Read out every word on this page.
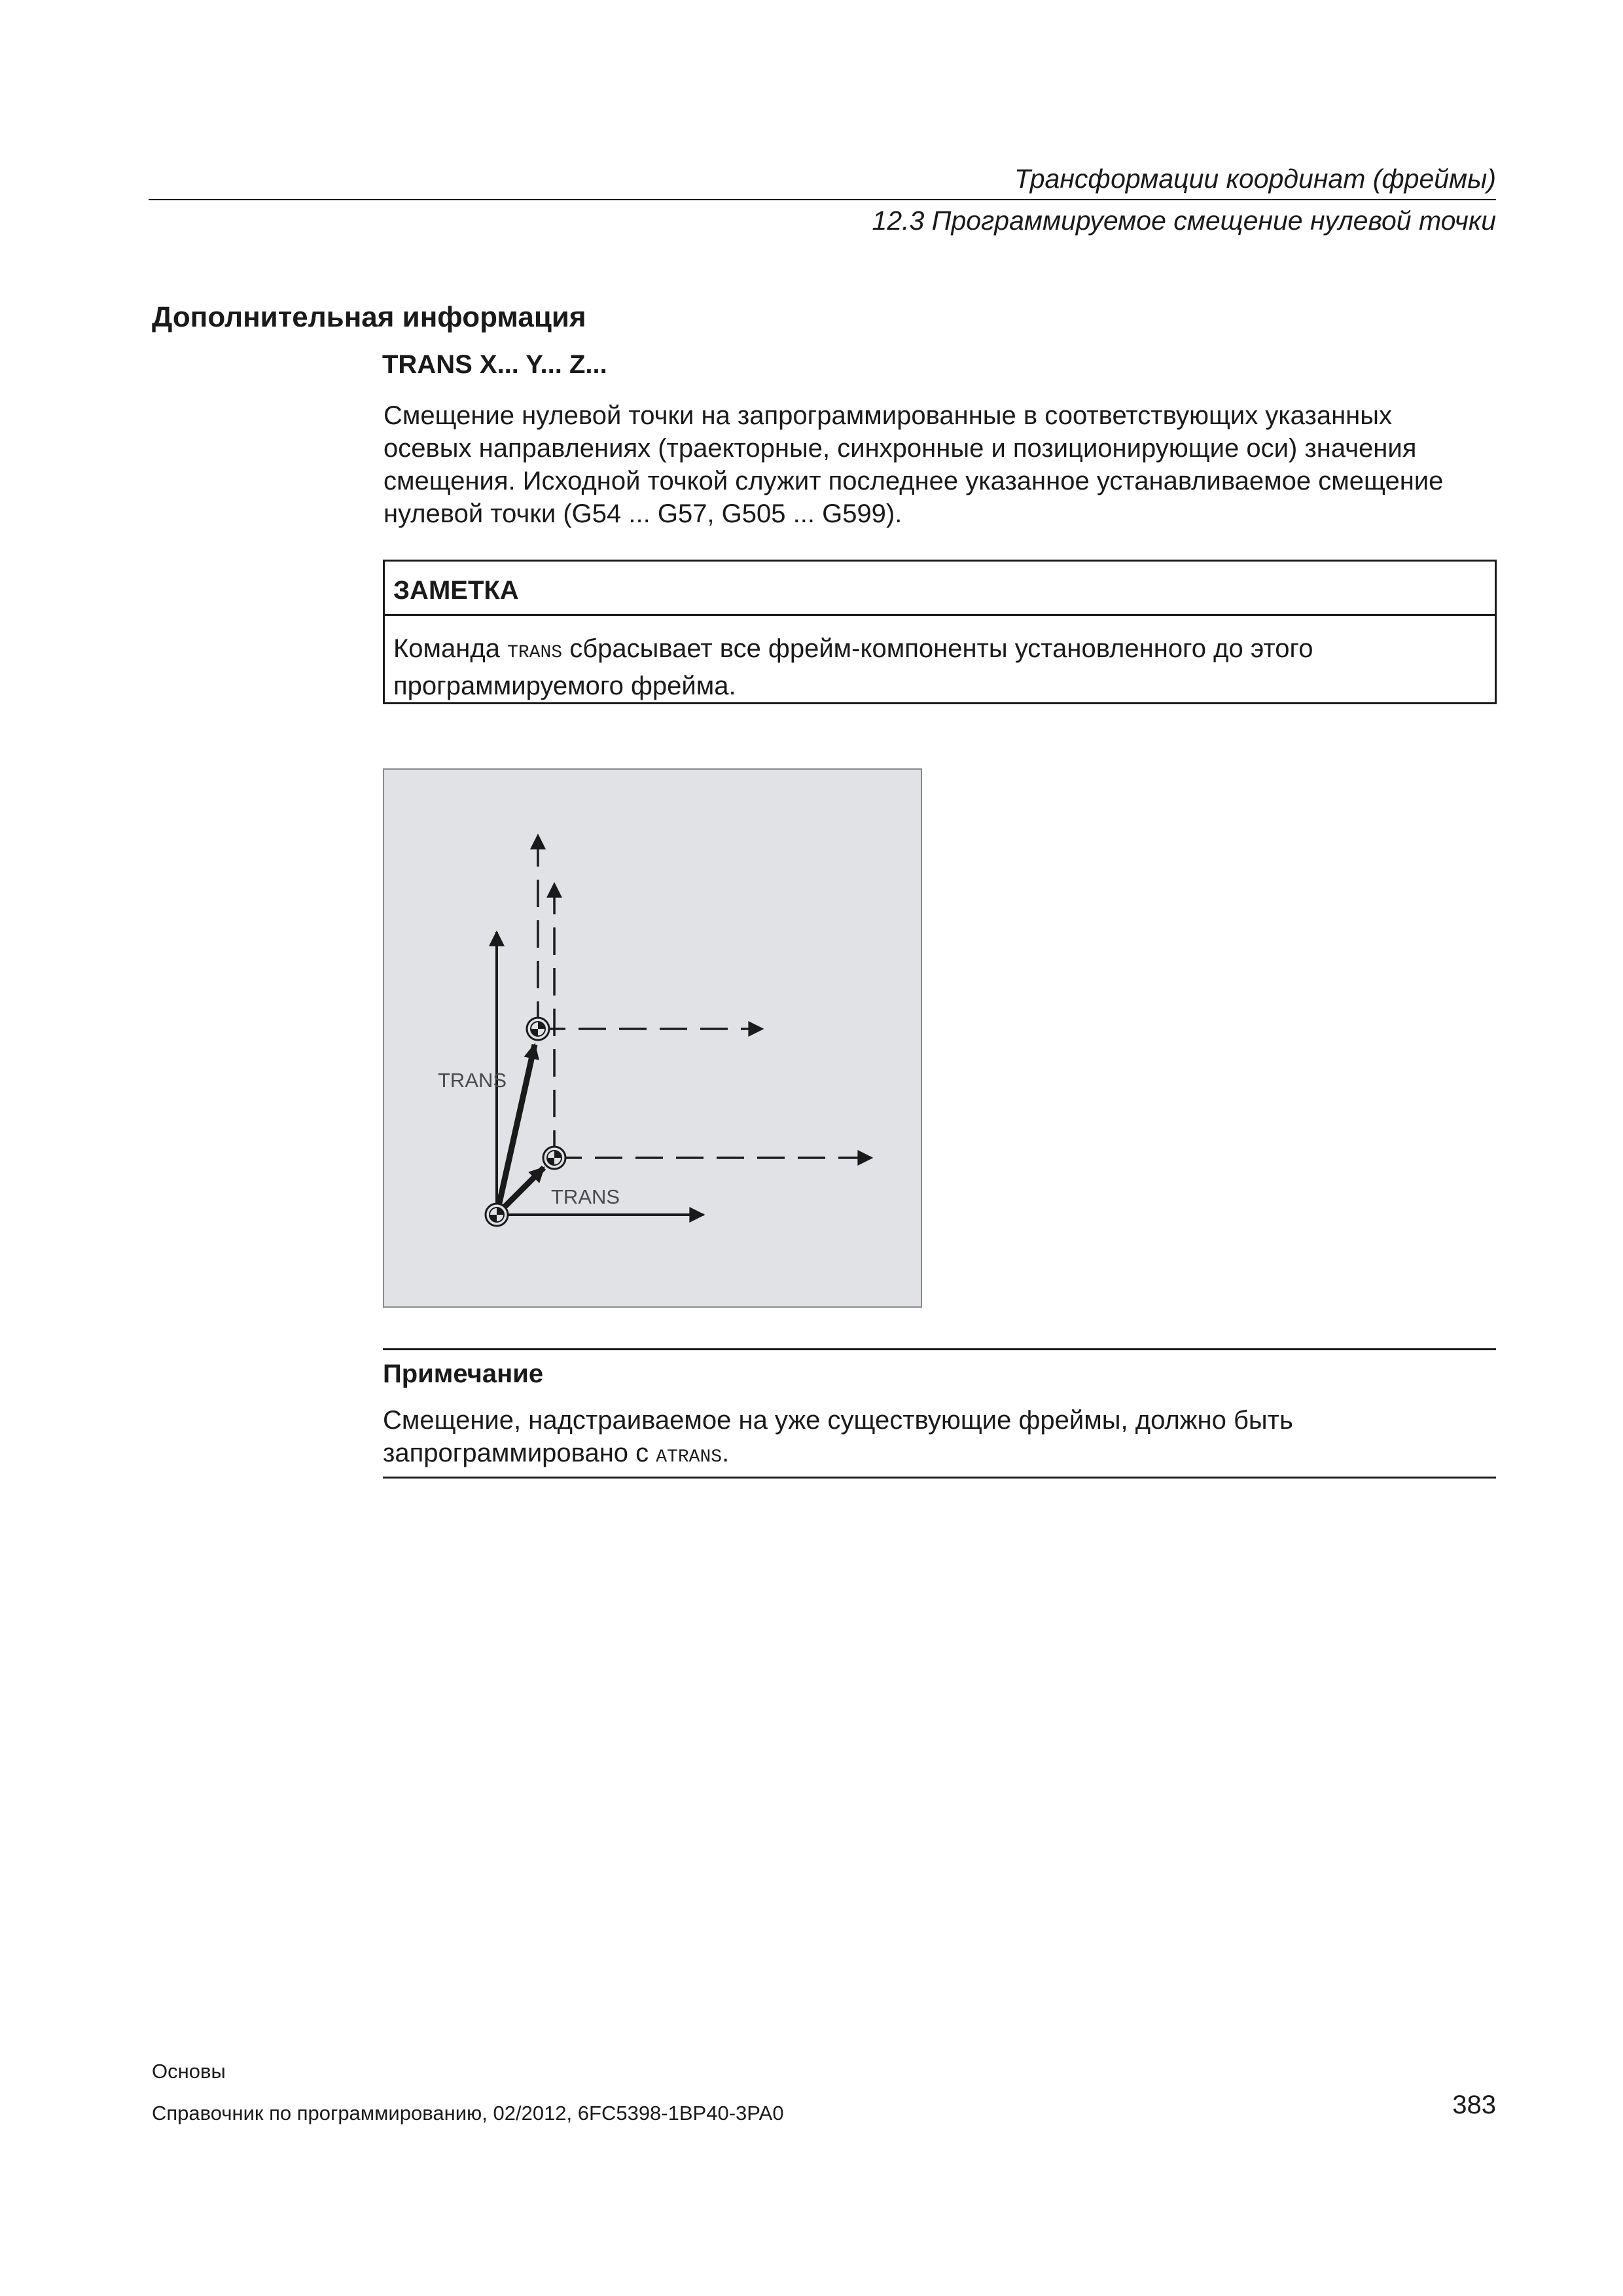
Трансформации координат (фреймы)
12.3 Программируемое смещение нулевой точки
Дополнительная информация
TRANS X... Y... Z...
Смещение нулевой точки на запрограммированные в соответствующих указанных
осевых направлениях (траекторные, синхронные и позиционирующие оси) значения
смещения. Исходной точкой служит последнее указанное устанавливаемое смещение
нулевой точки (G54 ... G57, G505 ... G599).
ЗАМЕТКА
Команда TRANS сбрасывает все фрейм-компоненты установленного до этого
программируемого фрейма.
TRANS
TRANS
Примечание
Смещение, надстраиваемое на уже существующие фреймы, должно быть
запрограммировано с ATRANS.
Основы
Справочник по программированию, 02/2012, 6FC5398-1BP40-3PA0	383
